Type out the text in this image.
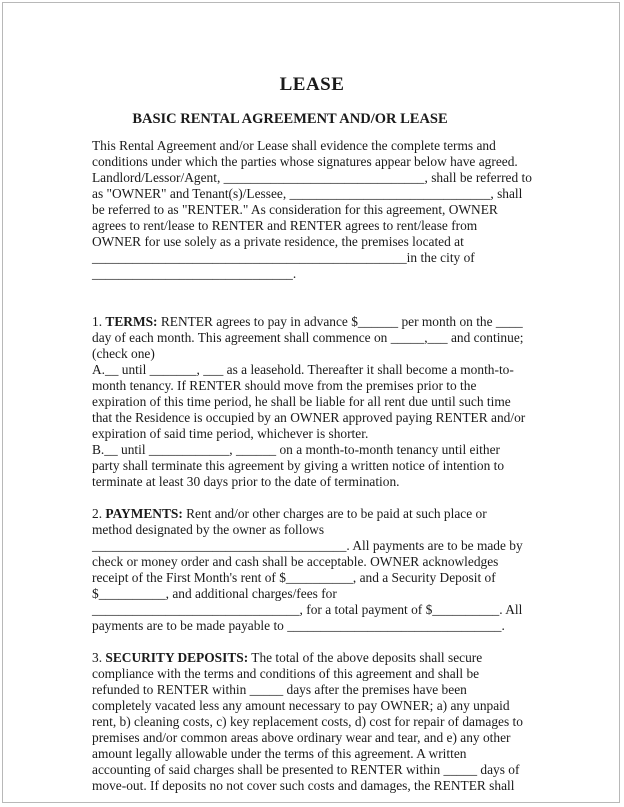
LEASE
BASIC RENTAL AGREEMENT AND/OR LEASE
This Rental Agreement and/or Lease shall evidence the complete terms and
conditions under which the parties whose signatures appear below have agreed.
Landlord/Lessor/Agent, ______________________________, shall be referred to
as "OWNER" and Tenant(s)/Lessee, ______________________________, shall
be referred to as "RENTER." As consideration for this agreement, OWNER
agrees to rent/lease to RENTER and RENTER agrees to rent/lease from
OWNER for use solely as a private residence, the premises located at
_______________________________________________in the city of
______________________________.
1. TERMS: RENTER agrees to pay in advance $______ per month on the ____
day of each month. This agreement shall commence on _____,___ and continue;
(check one)
A.__ until _______, ___ as a leasehold. Thereafter it shall become a month-to-
month tenancy. If RENTER should move from the premises prior to the
expiration of this time period, he shall be liable for all rent due until such time
that the Residence is occupied by an OWNER approved paying RENTER and/or
expiration of said time period, whichever is shorter.
B.__ until ____________, ______ on a month-to-month tenancy until either
party shall terminate this agreement by giving a written notice of intention to
terminate at least 30 days prior to the date of termination.
2. PAYMENTS: Rent and/or other charges are to be paid at such place or
method designated by the owner as follows
______________________________________. All payments are to be made by
check or money order and cash shall be acceptable. OWNER acknowledges
receipt of the First Month's rent of $__________, and a Security Deposit of
$__________, and additional charges/fees for
_______________________________, for a total payment of $__________. All
payments are to be made payable to ________________________________.
3. SECURITY DEPOSITS: The total of the above deposits shall secure
compliance with the terms and conditions of this agreement and shall be
refunded to RENTER within _____ days after the premises have been
completely vacated less any amount necessary to pay OWNER; a) any unpaid
rent, b) cleaning costs, c) key replacement costs, d) cost for repair of damages to
premises and/or common areas above ordinary wear and tear, and e) any other
amount legally allowable under the terms of this agreement. A written
accounting of said charges shall be presented to RENTER within _____ days of
move-out. If deposits no not cover such costs and damages, the RENTER shall
